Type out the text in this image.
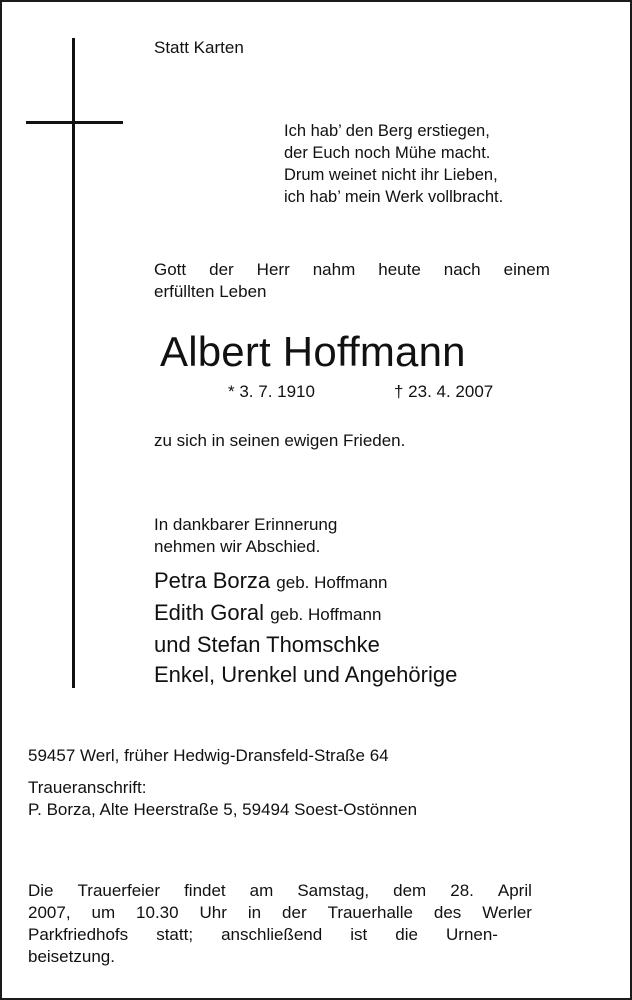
Statt Karten
Ich hab’ den Berg erstiegen,
der Euch noch Mühe macht.
Drum weinet nicht ihr Lieben,
ich hab’ mein Werk vollbracht.
Gott der Herr nahm heute nach einem
erfüllten Leben
Albert Hoffmann
* 3. 7. 1910	† 23. 4. 2007
zu sich in seinen ewigen Frieden.
In dankbarer Erinnerung
nehmen wir Abschied.
Petra Borza geb. Hoffmann
Edith Goral geb. Hoffmann
und Stefan Thomschke
Enkel, Urenkel und Angehörige
59457 Werl, früher Hedwig-Dransfeld-Straße 64
Traueranschrift:
P. Borza, Alte Heerstraße 5, 59494 Soest-Ostönnen
Die Trauerfeier findet am Samstag, dem 28. April
2007, um 10.30 Uhr in der Trauerhalle des Werler
Parkfriedhofs statt; anschließend ist die Urnen-
beisetzung.
